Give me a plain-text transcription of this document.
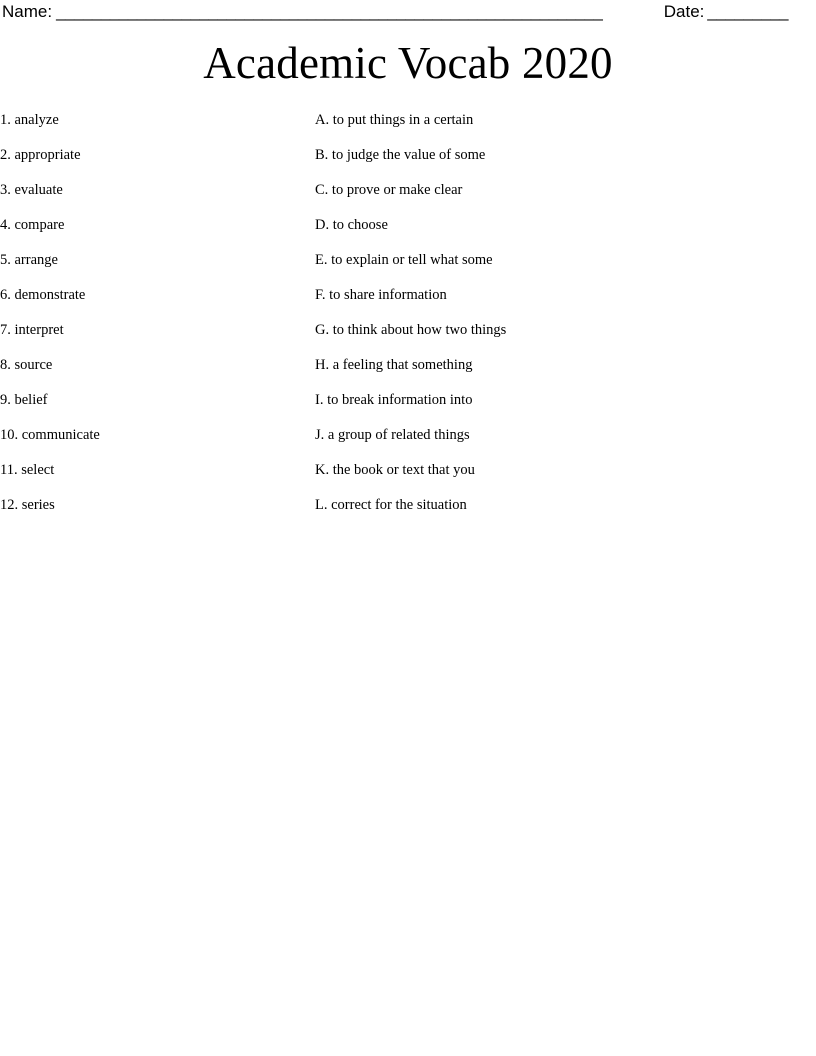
Name: _____________________________________________________________	Date: _________
Academic Vocab 2020
1. analyze	A. to put things in a certain
2. appropriate	B. to judge the value of some
3. evaluate	C. to prove or make clear
4. compare	D. to choose
5. arrange	E. to explain or tell what some
6. demonstrate	F. to share information
7. interpret	G. to think about how two things
8. source	H. a feeling that something
9. belief	I. to break information into
10. communicate	J. a group of related things
11. select	K. the book or text that you
12. series	L. correct for the situation
